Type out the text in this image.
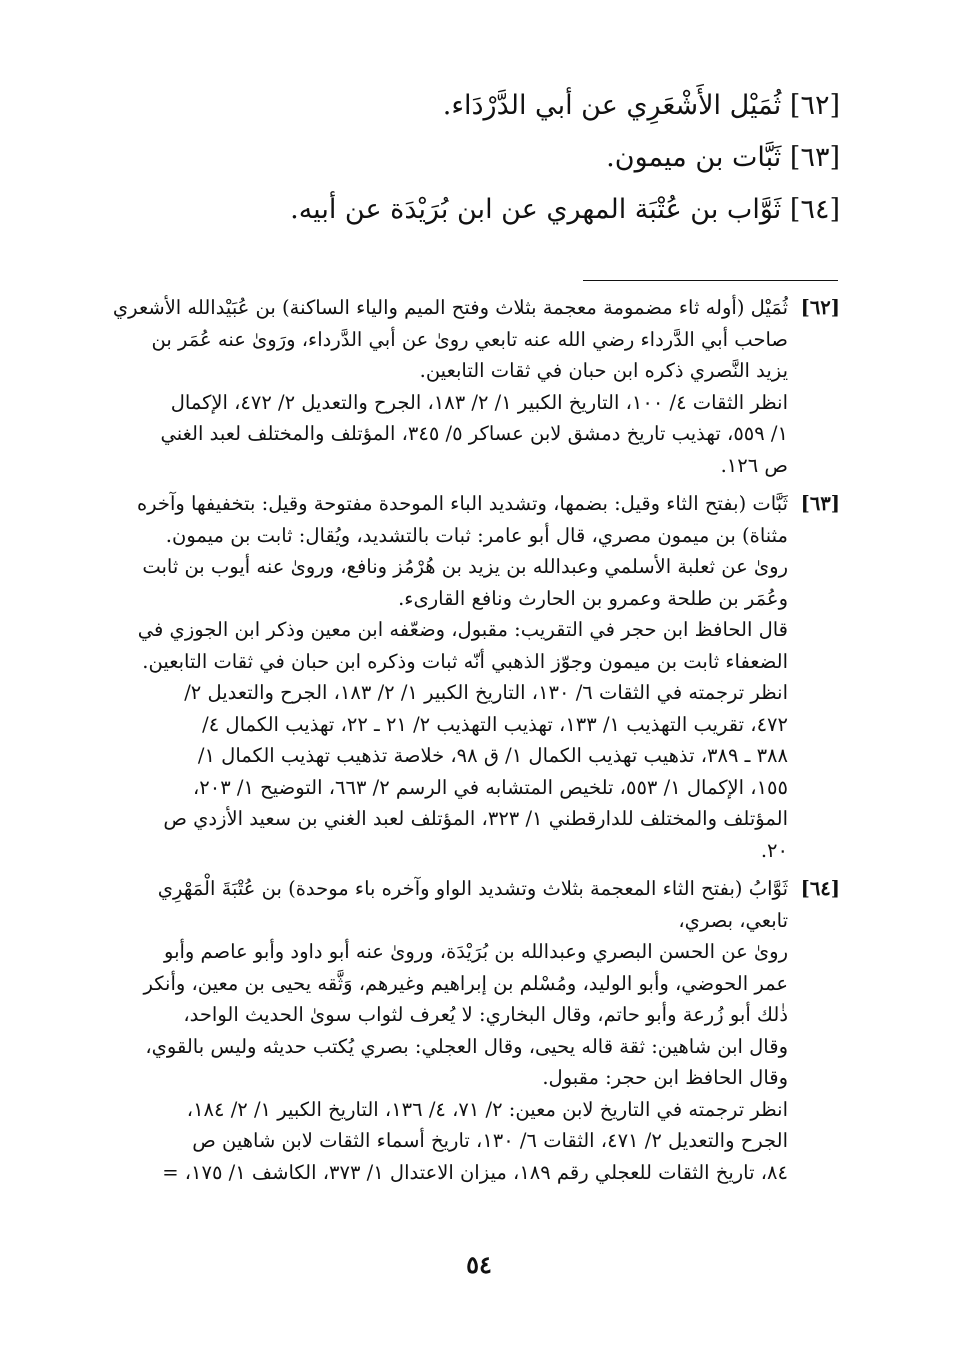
[٦٢] ثُمَيْل الأَشْعَرِي عن أبي الدَّرْدَاء.
[٦٣] ثَبَّات بن ميمون.
[٦٤] ثَوَّاب بن عُتْبَة المهري عن ابن بُرَيْدَة عن أبيه.
[٦٢]
ثُمَيْل (أوله ثاء مضمومة معجمة بثلاث وفتح الميم والياء الساكنة) بن عُبَيْدالله الأشعري
صاحب أبي الدَّرداء رضي الله عنه تابعي روىٰ عن أبي الدَّرداء، ورَوىٰ عنه عُمَر بن
يزيد النَّصري ذكره ابن حبان في ثقات التابعين.
انظر الثقات ٤/ ١٠٠، التاريخ الكبير ١/ ٢/ ١٨٣، الجرح والتعديل ٢/ ٤٧٢، الإكمال
١/ ٥٥٩، تهذيب تاريخ دمشق لابن عساكر ٥/ ٣٤٥، المؤتلف والمختلف لعبد الغني
ص ١٢٦.
[٦٣]
ثَبَّات (بفتح الثاء وقيل: بضمها، وتشديد الباء الموحدة مفتوحة وقيل: بتخفيفها وآخره
مثناة) بن ميمون مصري، قال أبو عامر: ثبات بالتشديد، ويُقال: ثابت بن ميمون.
روىٰ عن ثعلبة الأسلمي وعبدالله بن يزيد بن هُرْمُز ونافع، وروىٰ عنه أيوب بن ثابت
وعُمَر بن طلحة وعمرو بن الحارث ونافع القارىء.
قال الحافظ ابن حجر في التقريب: مقبول، وضعّفه ابن معين وذكر ابن الجوزي في
الضعفاء ثابت بن ميمون وجوّز الذهبي أنّه ثبات وذكره ابن حبان في ثقات التابعين.
انظر ترجمته في الثقات ٦/ ١٣٠، التاريخ الكبير ١/ ٢/ ١٨٣، الجرح والتعديل ٢/
٤٧٢، تقريب التهذيب ١/ ١٣٣، تهذيب التهذيب ٢/ ٢١ ـ ٢٢، تهذيب الكمال ٤/
٣٨٨ ـ ٣٨٩، تذهيب تهذيب الكمال ١/ ق ٩٨، خلاصة تذهيب تهذيب الكمال ١/
١٥٥، الإكمال ١/ ٥٥٣، تلخيص المتشابه في الرسم ٢/ ٦٦٣، التوضيح ١/ ٢٠٣،
المؤتلف والمختلف للدارقطني ١/ ٣٢٣، المؤتلف لعبد الغني بن سعيد الأزدي ص
٢٠.
[٦٤]
ثَوَّابُ (بفتح الثاء المعجمة بثلاث وتشديد الواو وآخره باء موحدة) بن عُتْبَةَ الْمَهْرِي
تابعي، بصري،
روىٰ عن الحسن البصري وعبدالله بن بُرَيْدَة، وروىٰ عنه أبو داود وأبو عاصم وأبو
عمر الحوضي، وأبو الوليد، ومُسْلم بن إبراهيم وغيرهم، وَثَّقه يحيى بن معين، وأنكر
ذٰلك أبو زُرعة وأبو حاتم، وقال البخاري: لا يُعرف لثواب سوىٰ الحديث الواحد،
وقال ابن شاهين: ثقة قاله يحيى، وقال العجلي: بصري يُكتب حديثه وليس بالقوي،
وقال الحافظ ابن حجر: مقبول.
انظر ترجمته في التاريخ لابن معين: ٢/ ٧١، ٤/ ١٣٦، التاريخ الكبير ١/ ٢/ ١٨٤،
الجرح والتعديل ٢/ ٤٧١، الثقات ٦/ ١٣٠، تاريخ أسماء الثقات لابن شاهين ص
٨٤، تاريخ الثقات للعجلي رقم ١٨٩، ميزان الاعتدال ١/ ٣٧٣، الكاشف ١/ ١٧٥، =
٥٤
